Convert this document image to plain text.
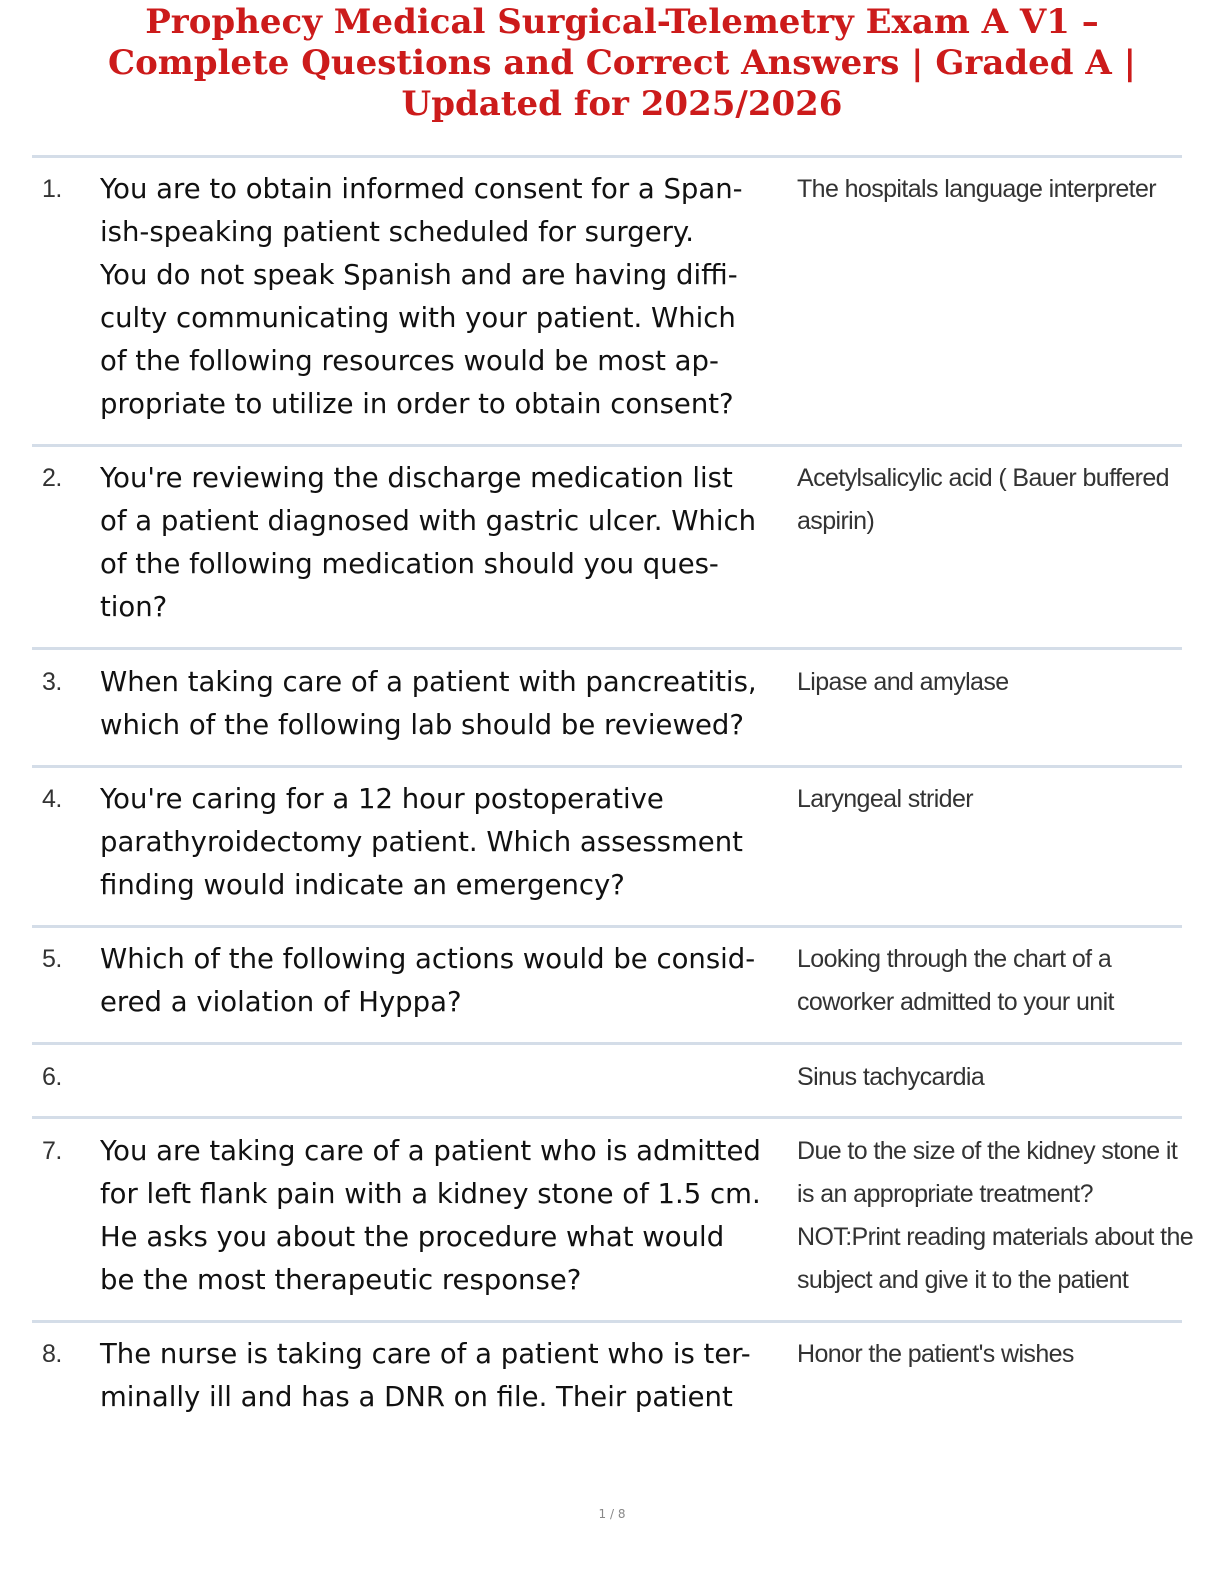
Prophecy Medical Surgical-Telemetry Exam A V1 –
Complete Questions and Correct Answers | Graded A |
Updated for 2025/2026
1. You are to obtain informed consent for a Span-
ish-speaking patient scheduled for surgery.
You do not speak Spanish and are having diffi-
culty communicating with your patient. Which
of the following resources would be most ap-
propriate to utilize in order to obtain consent?
The hospitals language interpreter
2. You're reviewing the discharge medication list
of a patient diagnosed with gastric ulcer. Which
of the following medication should you ques-
tion?
Acetylsalicylic acid ( Bauer buffered
aspirin)
3. When taking care of a patient with pancreatitis,
which of the following lab should be reviewed?
Lipase and amylase
4. You're caring for a 12 hour postoperative
parathyroidectomy patient. Which assessment
finding would indicate an emergency?
Laryngeal strider
5. Which of the following actions would be consid-
ered a violation of Hyppa?
Looking through the chart of a
coworker admitted to your unit
6.	Sinus tachycardia
7. You are taking care of a patient who is admitted
for left flank pain with a kidney stone of 1.5 cm.
He asks you about the procedure what would
be the most therapeutic response?
Due to the size of the kidney stone it
is an appropriate treatment?
NOT:Print reading materials about the
subject and give it to the patient
8. The nurse is taking care of a patient who is ter-
minally ill and has a DNR on file. Their patient
Honor the patient's wishes
1 / 8
